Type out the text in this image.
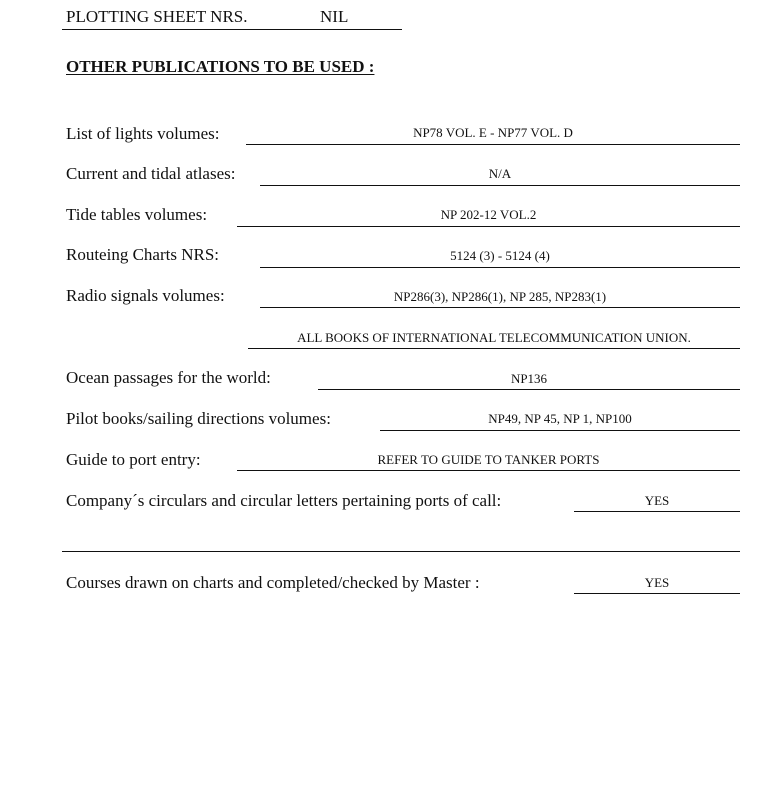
PLOTTING SHEET NRS.	NIL
OTHER PUBLICATIONS TO BE USED :
List of lights volumes:	NP78 VOL. E - NP77 VOL. D
Current and tidal atlases:	N/A
Tide tables volumes:	NP 202-12 VOL.2
Routeing Charts NRS:	5124 (3) - 5124 (4)
Radio signals volumes:	NP286(3), NP286(1), NP 285, NP283(1)
ALL BOOKS OF INTERNATIONAL TELECOMMUNICATION UNION.
Ocean passages for the world:	NP136
Pilot books/sailing directions volumes:	NP49, NP 45, NP 1, NP100
Guide to port entry:	REFER TO GUIDE TO TANKER PORTS
Company´s circulars and circular letters pertaining ports of call:	YES
Courses drawn on charts and completed/checked by Master :	YES
